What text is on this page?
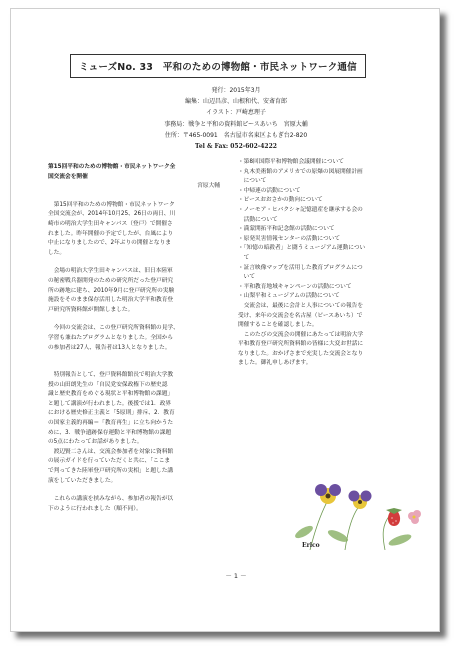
ミューズNo. 33　平和のための博物館・市民ネットワーク通信
発行：2015年3月
編集：山辺昌彦、山根和代、安斎育郎
イラスト：戸崎恵理子
事務局：戦争と平和の資料館ピースあいち　宮原大輔
住所：〒465-0091　名古屋市名東区よもぎ台2-820
Tel & Fax: 052-602-4222
第15回平和のための博物館・市民ネットワーク全
国交流会を開催
宮原大輔
第15回平和のための博物館・市民ネットワーク
全国交流会が、2014年10月25、26日の両日、川
崎市の明治大学生田キャンパス（登戸）で開催さ
れました。昨年開催の予定でしたが、台風により
中止になりましたので、2年ぶりの開催となりま
した。
会場の明治大学生田キャンパスは、旧日本陸軍
の秘密戦兵器開発のための研究所だった登戸研究
所の跡地に建ち、2010年9月に登戸研究所の実験
施設をそのまま保存活用した明治大学平和教育登
戸研究所資料館が開館しました。
今回の交流会は、この登戸研究所資料館の見学、
学習も兼ねたプログラムとなりました。全国から
の参加者は27人、報告者は13人となりました。
特別報告として、登戸資料館館長で明治大学教
授の山田朗先生の「自民党安保政権下の歴史認
識と歴史教育をめぐる現状と平和博物館の課題」
と題して講演が行われました。後援では1．政界
における歴史修正主義と「5原則」排斥、2．教育
の国家主義的再編＝「教育再生」に立ち向かうた
めに、3．戦争遺跡保存運動と平和博物館の課題
の5点にわたってお話がありました。
渡辺賢二さんは、交流会参加者を対象に資料館
の展示ガイドを行っていただくと共に、「ここま
で判ってきた陸軍登戸研究所の実相」と題した講
演をしていただきました。
これらの講演を挟みながら、参加者の報告が以
下のように行われました（順不同）。
・第8回国際平和博物館会議開催について
・丸木美術館のアメリカでの原爆の図展開催計画
　について
・中帰連の活動について
・ピースおおさかの動向について
・ノーモア・ヒバクシャ記憶遺産を継承する会の
　活動について
・満蒙開拓平和記念館の活動について
・原発災害情報センターの活動について
・「知憶の暗殺者」と闘うミュージアム運動につい
　て
・証言映像マップを活用した教育プログラムにつ
　いて
・平和教育地域キャンペーンの活動について
・山梨平和ミュージアムの活動について
交流会は、最後に会計と人事についての報告を
受け、来年の交流会を名古屋（ピースあいち）で
開催することを確認しました。
このたびの交流会の開催にあたっては明治大学
平和教育登戸研究所資料館の皆様に大変お世話に
なりました。おかげさまで充実した交流会となり
ました。御礼申しあげます。
Erico
－ 1 －
